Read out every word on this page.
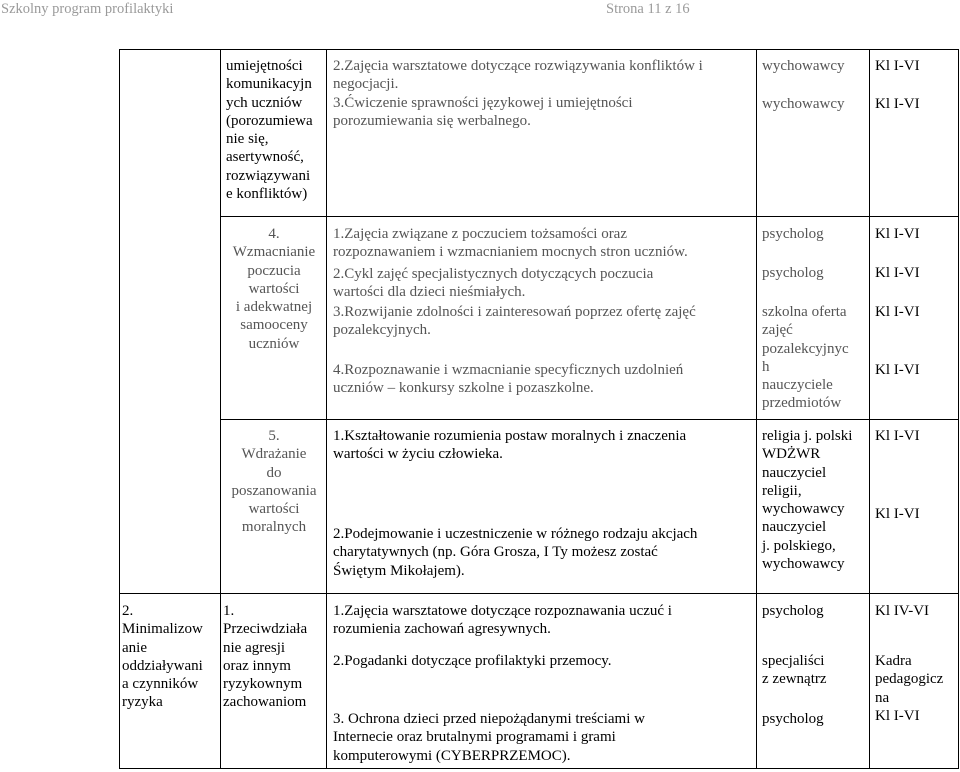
Szkolny program profilaktyki	Strona 11 z 16
umiejętności
komunikacyjn
ych uczniów
(porozumiewa
nie się,
asertywność,
rozwiązywani
e konfliktów)
2.Zajęcia warsztatowe dotyczące rozwiązywania konfliktów i
negocjacji.
3.Ćwiczenie sprawności językowej i umiejętności
porozumiewania się werbalnego.
wychowawcy
wychowawcy
Kl I-VI
Kl I-VI
4.
Wzmacnianie
poczucia
wartości
i adekwatnej
samooceny
uczniów
1.Zajęcia związane z poczuciem tożsamości oraz
rozpoznawaniem i wzmacnianiem mocnych stron uczniów.
2.Cykl zajęć specjalistycznych dotyczących poczucia
wartości dla dzieci nieśmiałych.
3.Rozwijanie zdolności i zainteresowań poprzez ofertę zajęć
pozalekcyjnych.
4.Rozpoznawanie i wzmacnianie specyficznych uzdolnień
uczniów – konkursy szkolne i pozaszkolne.
psycholog
psycholog
szkolna oferta
zajęć
pozalekcyjnyc
h
nauczyciele
przedmiotów
Kl I-VI
Kl I-VI
Kl I-VI
Kl I-VI
5.
Wdrażanie
do
poszanowania
wartości
moralnych
1.Kształtowanie rozumienia postaw moralnych i znaczenia
wartości w życiu człowieka.
2.Podejmowanie i uczestniczenie w różnego rodzaju akcjach
charytatywnych (np. Góra Grosza, I Ty możesz zostać
Świętym Mikołajem).
religia j. polski
WDŻWR
nauczyciel
religii,
wychowawcy
nauczyciel
j. polskiego,
wychowawcy
Kl I-VI
Kl I-VI
2.
Minimalizow
anie
oddziaływani
a czynników
ryzyka
1.
Przeciwdziała
nie agresji
oraz innym
ryzykownym
zachowaniom
1.Zajęcia warsztatowe dotyczące rozpoznawania uczuć i
rozumienia zachowań agresywnych.
2.Pogadanki dotyczące profilaktyki przemocy.
3. Ochrona dzieci przed niepożądanymi treściami w
Internecie oraz brutalnymi programami i grami
komputerowymi (CYBERPRZEMOC).
psycholog
specjaliści
z zewnątrz
psycholog
Kl IV-VI
Kadra
pedagogicz
na
Kl I-VI
